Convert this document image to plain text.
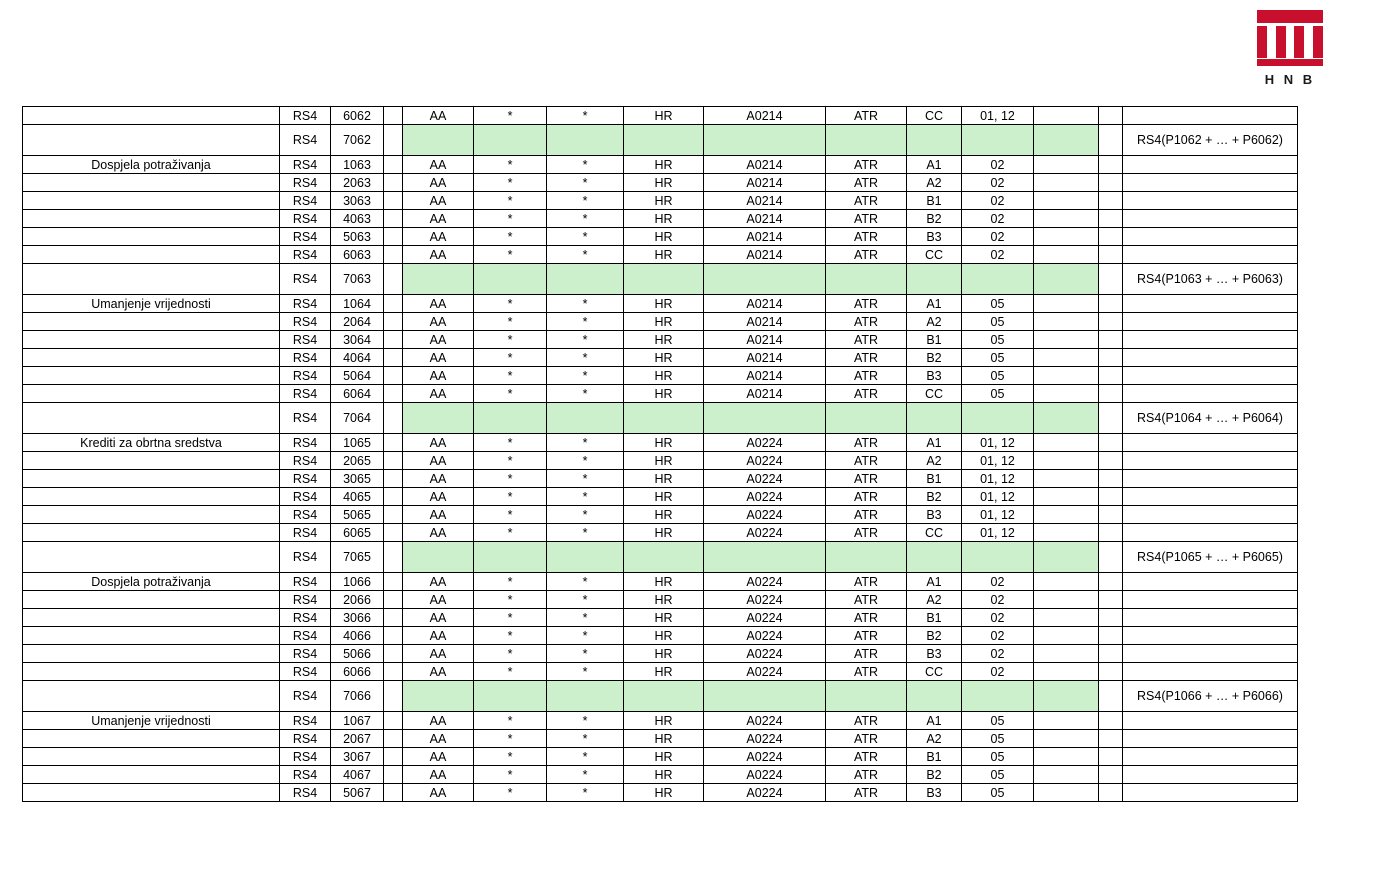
H N B
	RS4	6062		AA	*	*	HR	A0214	ATR	CC	01, 12			
	RS4	7062												RS4(P1062 + … + P6062)
Dospjela potraživanja	RS4	1063		AA	*	*	HR	A0214	ATR	A1	02			
	RS4	2063		AA	*	*	HR	A0214	ATR	A2	02			
	RS4	3063		AA	*	*	HR	A0214	ATR	B1	02			
	RS4	4063		AA	*	*	HR	A0214	ATR	B2	02			
	RS4	5063		AA	*	*	HR	A0214	ATR	B3	02			
	RS4	6063		AA	*	*	HR	A0214	ATR	CC	02			
	RS4	7063												RS4(P1063 + … + P6063)
Umanjenje vrijednosti	RS4	1064		AA	*	*	HR	A0214	ATR	A1	05			
	RS4	2064		AA	*	*	HR	A0214	ATR	A2	05			
	RS4	3064		AA	*	*	HR	A0214	ATR	B1	05			
	RS4	4064		AA	*	*	HR	A0214	ATR	B2	05			
	RS4	5064		AA	*	*	HR	A0214	ATR	B3	05			
	RS4	6064		AA	*	*	HR	A0214	ATR	CC	05			
	RS4	7064												RS4(P1064 + … + P6064)
Krediti za obrtna sredstva	RS4	1065		AA	*	*	HR	A0224	ATR	A1	01, 12			
	RS4	2065		AA	*	*	HR	A0224	ATR	A2	01, 12			
	RS4	3065		AA	*	*	HR	A0224	ATR	B1	01, 12			
	RS4	4065		AA	*	*	HR	A0224	ATR	B2	01, 12			
	RS4	5065		AA	*	*	HR	A0224	ATR	B3	01, 12			
	RS4	6065		AA	*	*	HR	A0224	ATR	CC	01, 12			
	RS4	7065												RS4(P1065 + … + P6065)
Dospjela potraživanja	RS4	1066		AA	*	*	HR	A0224	ATR	A1	02			
	RS4	2066		AA	*	*	HR	A0224	ATR	A2	02			
	RS4	3066		AA	*	*	HR	A0224	ATR	B1	02			
	RS4	4066		AA	*	*	HR	A0224	ATR	B2	02			
	RS4	5066		AA	*	*	HR	A0224	ATR	B3	02			
	RS4	6066		AA	*	*	HR	A0224	ATR	CC	02			
	RS4	7066												RS4(P1066 + … + P6066)
Umanjenje vrijednosti	RS4	1067		AA	*	*	HR	A0224	ATR	A1	05			
	RS4	2067		AA	*	*	HR	A0224	ATR	A2	05			
	RS4	3067		AA	*	*	HR	A0224	ATR	B1	05			
	RS4	4067		AA	*	*	HR	A0224	ATR	B2	05			
	RS4	5067		AA	*	*	HR	A0224	ATR	B3	05			
